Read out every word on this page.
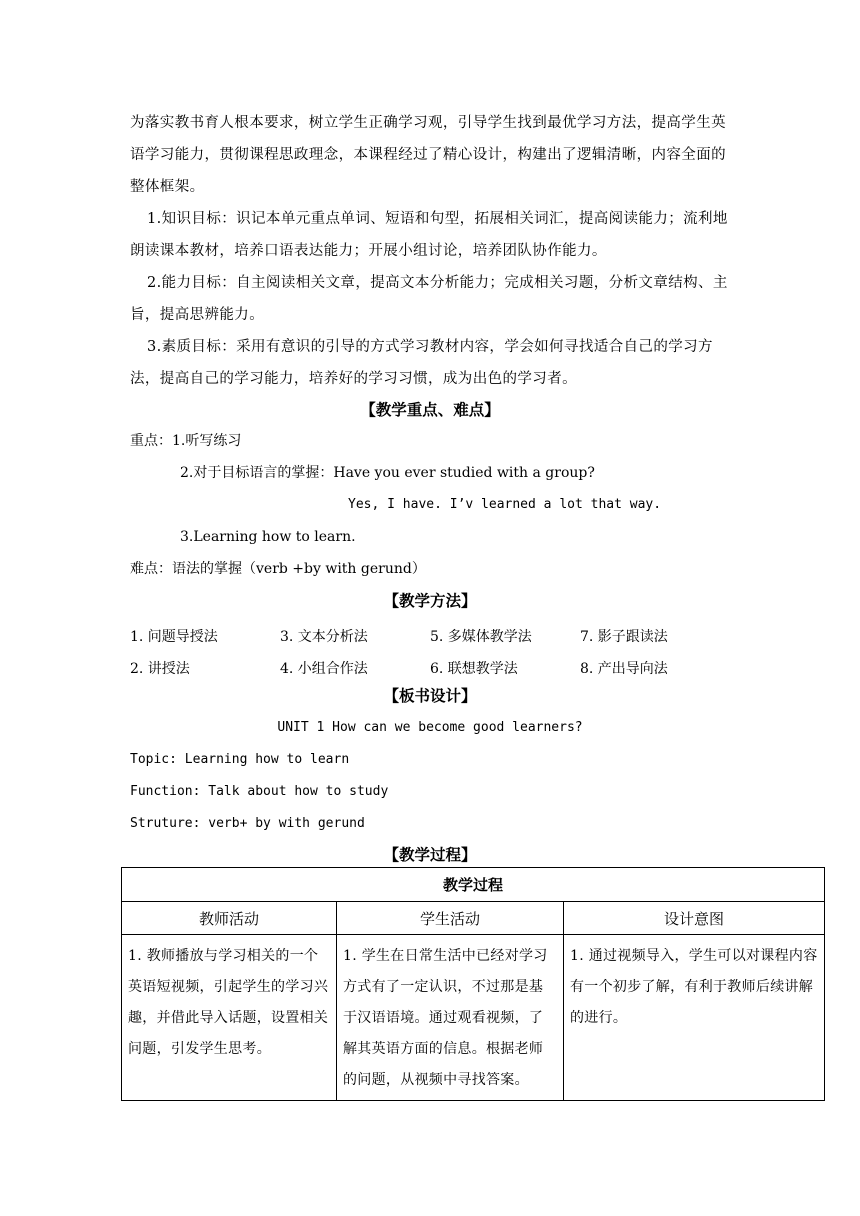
为落实教书育人根本要求，树立学生正确学习观，引导学生找到最优学习方法，提高学生英语学习能力，贯彻课程思政理念，本课程经过了精心设计，构建出了逻辑清晰，内容全面的整体框架。

1.知识目标：识记本单元重点单词、短语和句型，拓展相关词汇，提高阅读能力；流利地朗读课本教材，培养口语表达能力；开展小组讨论，培养团队协作能力。

2.能力目标：自主阅读相关文章，提高文本分析能力；完成相关习题，分析文章结构、主旨，提高思辨能力。

3.素质目标：采用有意识的引导的方式学习教材内容，学会如何寻找适合自己的学习方法，提高自己的学习能力，培养好的学习习惯，成为出色的学习者。

【教学重点、难点】

重点：1.听写练习

2.对于目标语言的掌握：Have you ever studied with a group?

Yes, I have. I’v learned a lot that way.

3.Learning how to learn.

难点：语法的掌握（verb +by with gerund）

【教学方法】

1. 问题导授法	3. 文本分析法	5. 多媒体教学法	7. 影子跟读法
2. 讲授法	4. 小组合作法	6. 联想教学法	8. 产出导向法

【板书设计】

UNIT 1 How can we become good learners?

Topic: Learning how to learn

Function: Talk about how to study

Struture: verb+ by with gerund

【教学过程】

教学过程		
教师活动	学生活动	设计意图
1. 教师播放与学习相关的一个英语短视频，引起学生的学习兴趣，并借此导入话题，设置相关问题，引发学生思考。	1. 学生在日常生活中已经对学习方式有了一定认识，不过那是基于汉语语境。通过观看视频，了解其英语方面的信息。根据老师的问题，从视频中寻找答案。	1. 通过视频导入，学生可以对课程内容有一个初步了解，有利于教师后续讲解的进行。
